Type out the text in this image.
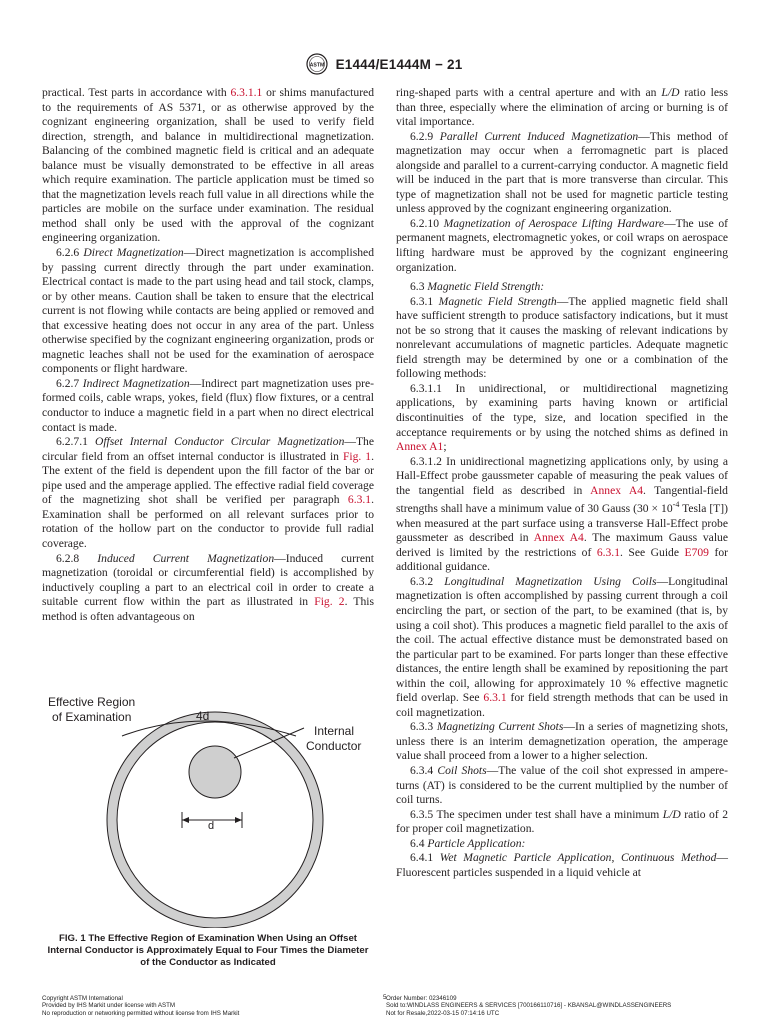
ASTM E1444/E1444M − 21

practical. Test parts in accordance with 6.3.1.1 or shims manufactured to the requirements of AS 5371, or as otherwise approved by the cognizant engineering organization, shall be used to verify field direction, strength, and balance in multidirectional magnetization. Balancing of the combined magnetic field is critical and an adequate balance must be visually demonstrated to be effective in all areas which require examination. The particle application must be timed so that the magnetization levels reach full value in all directions while the particles are mobile on the surface under examination. The residual method shall only be used with the approval of the cognizant engineering organization.

6.2.6 Direct Magnetization—Direct magnetization is accomplished by passing current directly through the part under examination. Electrical contact is made to the part using head and tail stock, clamps, or by other means. Caution shall be taken to ensure that the electrical current is not flowing while contacts are being applied or removed and that excessive heating does not occur in any area of the part. Unless otherwise specified by the cognizant engineering organization, prods or magnetic leaches shall not be used for the examination of aerospace components or flight hardware.

6.2.7 Indirect Magnetization—Indirect part magnetization uses pre-formed coils, cable wraps, yokes, field (flux) flow fixtures, or a central conductor to induce a magnetic field in a part when no direct electrical contact is made.

6.2.7.1 Offset Internal Conductor Circular Magnetization—The circular field from an offset internal conductor is illustrated in Fig. 1. The extent of the field is dependent upon the fill factor of the bar or pipe used and the amperage applied. The effective radial field coverage of the magnetizing shot shall be verified per paragraph 6.3.1. Examination shall be performed on all relevant surfaces prior to rotation of the hollow part on the conductor to provide full radial coverage.

6.2.8 Induced Current Magnetization—Induced current magnetization (toroidal or circumferential field) is accomplished by inductively coupling a part to an electrical coil in order to create a suitable current flow within the part as illustrated in Fig. 2. This method is often advantageous on

Effective Region of Examination	4d
Internal Conductor
d
FIG. 1 The Effective Region of Examination When Using an Offset Internal Conductor is Approximately Equal to Four Times the Diameter of the Conductor as Indicated

ring-shaped parts with a central aperture and with an L/D ratio less than three, especially where the elimination of arcing or burning is of vital importance.

6.2.9 Parallel Current Induced Magnetization—This method of magnetization may occur when a ferromagnetic part is placed alongside and parallel to a current-carrying conductor. A magnetic field will be induced in the part that is more transverse than circular. This type of magnetization shall not be used for magnetic particle testing unless approved by the cognizant engineering organization.

6.2.10 Magnetization of Aerospace Lifting Hardware—The use of permanent magnets, electromagnetic yokes, or coil wraps on aerospace lifting hardware must be approved by the cognizant engineering organization.

6.3 Magnetic Field Strength:

6.3.1 Magnetic Field Strength—The applied magnetic field shall have sufficient strength to produce satisfactory indications, but it must not be so strong that it causes the masking of relevant indications by nonrelevant accumulations of magnetic particles. Adequate magnetic field strength may be determined by one or a combination of the following methods:

6.3.1.1 In unidirectional, or multidirectional magnetizing applications, by examining parts having known or artificial discontinuities of the type, size, and location specified in the acceptance requirements or by using the notched shims as defined in Annex A1;

6.3.1.2 In unidirectional magnetizing applications only, by using a Hall-Effect probe gaussmeter capable of measuring the peak values of the tangential field as described in Annex A4. Tangential-field strengths shall have a minimum value of 30 Gauss ($30 \times 10^{-4}$ Tesla [T]) when measured at the part surface using a transverse Hall-Effect probe gaussmeter as described in Annex A4. The maximum Gauss value derived is limited by the restrictions of 6.3.1. See Guide E709 for additional guidance.

6.3.2 Longitudinal Magnetization Using Coils—Longitudinal magnetization is often accomplished by passing current through a coil encircling the part, or section of the part, to be examined (that is, by using a coil shot). This produces a magnetic field parallel to the axis of the coil. The actual effective distance must be demonstrated based on the particular part to be examined. For parts longer than these effective distances, the entire length shall be examined by repositioning the part within the coil, allowing for approximately 10 % effective magnetic field overlap. See 6.3.1 for field strength methods that can be used in coil magnetization.

6.3.3 Magnetizing Current Shots—In a series of magnetizing shots, unless there is an interim demagnetization operation, the amperage value shall proceed from a lower to a higher selection.

6.3.4 Coil Shots—The value of the coil shot expressed in ampere-turns (AT) is considered to be the current multiplied by the number of coil turns.

6.3.5 The specimen under test shall have a minimum L/D ratio of 2 for proper coil magnetization.

6.4 Particle Application:

6.4.1 Wet Magnetic Particle Application, Continuous Method—Fluorescent particles suspended in a liquid vehicle at

Copyright ASTM International
Provided by IHS Markit under license with ASTM
No reproduction or networking permitted without license from IHS Markit
5 Order Number: 02346109
Sold to:WINDLASS ENGINEERS & SERVICES [700166110716] - KBANSAL@WINDLASSENGINEERS
Not for Resale,2022-03-15 07:14:16 UTC
